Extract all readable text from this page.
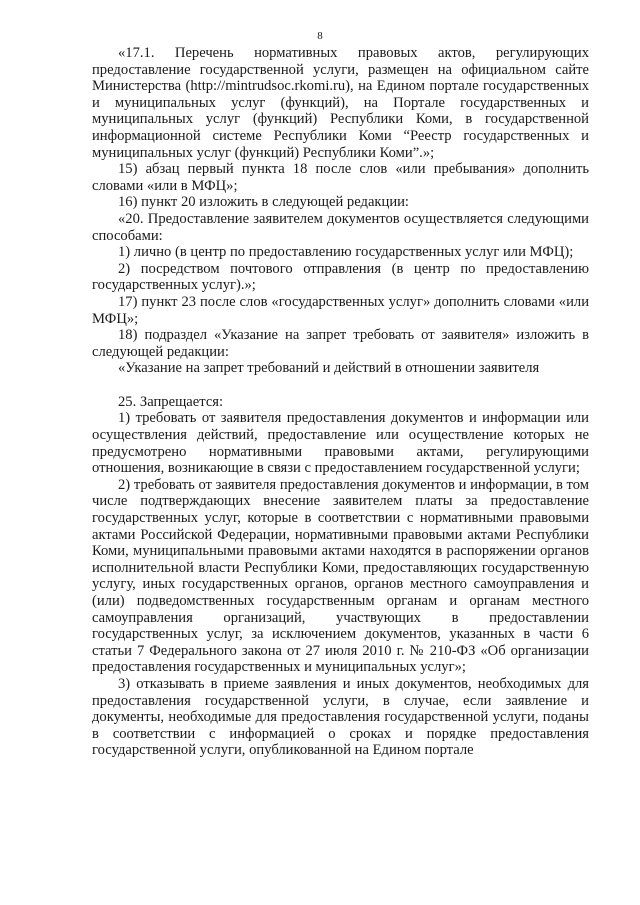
8

«17.1. Перечень нормативных правовых актов, регулирующих предоставление государственной услуги, размещен на официальном сайте Министерства (http://mintrudsoc.rkomi.ru), на Едином портале государственных и муниципальных услуг (функций), на Портале государственных и муниципальных услуг (функций) Республики Коми, в государственной информационной системе Республики Коми “Реестр государственных и муниципальных услуг (функций) Республики Коми”.»;

15) абзац первый пункта 18 после слов «или пребывания» дополнить словами «или в МФЦ»;

16) пункт 20 изложить в следующей редакции:

«20. Предоставление заявителем документов осуществляется следующими способами:

1) лично (в центр по предоставлению государственных услуг или МФЦ);

2) посредством почтового отправления (в центр по предоставлению государственных услуг).»;

17) пункт 23 после слов «государственных услуг» дополнить словами «или МФЦ»;

18) подраздел «Указание на запрет требовать от заявителя» изложить в следующей редакции:

«Указание на запрет требований и действий в отношении заявителя

25. Запрещается:

1) требовать от заявителя предоставления документов и информации или осуществления действий, предоставление или осуществление которых не предусмотрено нормативными правовыми актами, регулирующими отношения, возникающие в связи с предоставлением государственной услуги;

2) требовать от заявителя предоставления документов и информации, в том числе подтверждающих внесение заявителем платы за предоставление государственных услуг, которые в соответствии с нормативными правовыми актами Российской Федерации, нормативными правовыми актами Республики Коми, муниципальными правовыми актами находятся в распоряжении органов исполнительной власти Республики Коми, предоставляющих государственную услугу, иных государственных органов, органов местного самоуправления и (или) подведомственных государственным органам и органам местного самоуправления организаций, участвующих в предоставлении государственных услуг, за исключением документов, указанных в части 6 статьи 7 Федерального закона от 27 июля 2010 г. № 210-ФЗ «Об организации предоставления государственных и муниципальных услуг»;

3) отказывать в приеме заявления и иных документов, необходимых для предоставления государственной услуги, в случае, если заявление и документы, необходимые для предоставления государственной услуги, поданы в соответствии с информацией о сроках и порядке предоставления государственной услуги, опубликованной на Едином портале
